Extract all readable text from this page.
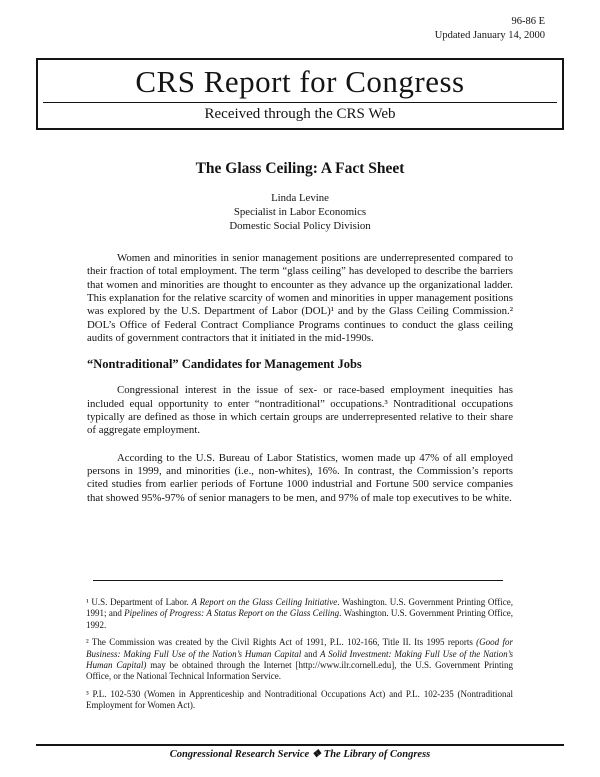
96-86 E
Updated January 14, 2000
CRS Report for Congress
Received through the CRS Web
The Glass Ceiling: A Fact Sheet
Linda Levine
Specialist in Labor Economics
Domestic Social Policy Division

Women and minorities in senior management positions are underrepresented compared to their fraction of total employment. The term “glass ceiling” has developed to describe the barriers that women and minorities are thought to encounter as they advance up the organizational ladder. This explanation for the relative scarcity of women and minorities in upper management positions was explored by the U.S. Department of Labor (DOL)¹ and by the Glass Ceiling Commission.² DOL’s Office of Federal Contract Compliance Programs continues to conduct the glass ceiling audits of government contractors that it initiated in the mid-1990s.

“Nontraditional” Candidates for Management Jobs

Congressional interest in the issue of sex- or race-based employment inequities has included equal opportunity to enter “nontraditional” occupations.³ Nontraditional occupations typically are defined as those in which certain groups are underrepresented relative to their share of aggregate employment.

According to the U.S. Bureau of Labor Statistics, women made up 47% of all employed persons in 1999, and minorities (i.e., non-whites), 16%. In contrast, the Commission’s reports cited studies from earlier periods of Fortune 1000 industrial and Fortune 500 service companies that showed 95%-97% of senior managers to be men, and 97% of male top executives to be white.

¹ U.S. Department of Labor. A Report on the Glass Ceiling Initiative. Washington. U.S. Government Printing Office, 1991; and Pipelines of Progress: A Status Report on the Glass Ceiling. Washington. U.S. Government Printing Office, 1992.

² The Commission was created by the Civil Rights Act of 1991, P.L. 102-166, Title II. Its 1995 reports (Good for Business: Making Full Use of the Nation’s Human Capital and A Solid Investment: Making Full Use of the Nation’s Human Capital) may be obtained through the Internet [http://www.ilr.cornell.edu], the U.S. Government Printing Office, or the National Technical Information Service.

³ P.L. 102-530 (Women in Apprenticeship and Nontraditional Occupations Act) and P.L. 102-235 (Nontraditional Employment for Women Act).

Congressional Research Service ❖ The Library of Congress
